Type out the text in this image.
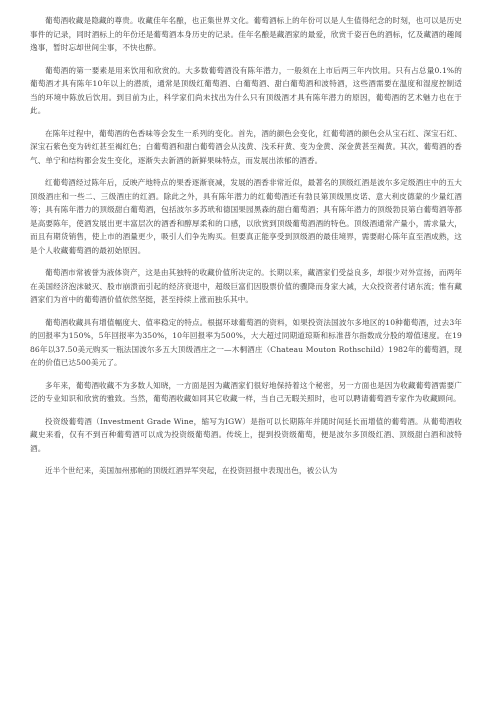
葡萄酒收藏是隐藏的尊贵。收藏佳年名酿，也正集世界文化。葡萄酒标上的年份可以是人生值得纪念的时刻，也可以是历史事件的记录，同时酒标上的年份还是葡萄酒本身历史的记录。佳年名酿是藏酒家的最爱，欣赏千姿百色的酒标，忆及藏酒的趣闻逸事，暂时忘却世间尘事，不快也醉。

葡萄酒的第一要素是用来饮用和欣赏的。大多数葡萄酒没有陈年潜力，一般须在上市后两三年内饮用。只有占总量0.1%的葡萄酒才具有陈年10年以上的潜质，通常是顶级红葡萄酒、白葡萄酒、甜白葡萄酒和波特酒，这些酒需要在温度和湿度控制适当的环境中陈放后饮用。到目前为止，科学家们尚未找出为什么只有顶级酒才具有陈年潜力的原因，葡萄酒的艺术魅力也在于此。

在陈年过程中，葡萄酒的色香味等会发生一系列的变化。首先，酒的颜色会变化，红葡萄酒的颜色会从宝石红、深宝石红、深宝石紫色变为砖红甚至褐红色；白葡萄酒和甜白葡萄酒会从浅黄、浅禾秆黄、变为金黄、深金黄甚至褐黄。其次，葡萄酒的香气、单宁和结构都会发生变化，逐渐失去新酒的新鲜果味特点，而发展出浓郁的酒香。

红葡萄酒经过陈年后，反映产地特点的果香逐渐衰减，发展的酒香非常近似，最著名的顶级红酒是波尔多定级酒庄中的五大顶级酒庄和一些二、三级酒庄的红酒。除此之外，具有陈年潜力的红葡萄酒还有勃艮第顶级黑皮诺、意大利皮德蒙的少量红酒等；具有陈年潜力的顶级甜白葡萄酒，包括波尔多苏玳和德国果园黑森的甜白葡萄酒；具有陈年潜力的顶级勃艮第白葡萄酒等都是高要陈年，使酒发展出更丰富层次的酒香和醇厚柔和的口感，以欣赏到顶级葡萄酒酒的特色。顶级酒通常产量小，需求量大，而且有期货销售，使上市的酒量更少，吸引人们争先购买。但要真正能享受到顶级酒的最佳境界，需要耐心陈年直至酒成熟，这是个人收藏葡萄酒的最初始原因。

葡萄酒市常被誉为液体资产，这是由其独特的收藏价值所决定的。长期以来，藏酒家们受益良多，却很少对外宣扬，而两年在美国经济泡沫破灭、股市崩溃而引起的经济衰退中，超级巨富们因股票价值的骤降而身家大减，大众投资者付诸东流；惟有藏酒家们为首中的葡萄酒价值依然坚挺，甚至持续上涨而独乐其中。

葡萄酒收藏具有增值幅度大、值率稳定的特点。根据环球葡萄酒的资料，如果投资法国波尔多地区的10种葡萄酒，过去3年的回报率为150%，5年回报率为350%，10年回报率为500%，大大超过同期道琼斯和标准普尔指数成分股的增值速度。在1986年以37.50美元购买一瓶法国波尔多五大顶级酒庄之一—木桐酒庄（Chateau Mouton Rothschild）1982年的葡萄酒，现在的价值已达500美元了。

多年来，葡萄酒收藏不为多数人知晓，一方面是因为藏酒家们很好地保持着这个秘密，另一方面也是因为收藏葡萄酒需要广泛的专业知识和欣赏的雅致。当然，葡萄酒收藏如同其它收藏一样，当自己无暇关照时，也可以聘请葡萄酒专家作为收藏顾问。

投资级葡萄酒（Investment Grade Wine，缩写为IGW）是指可以长期陈年并随时间延长而增值的葡萄酒。从葡萄酒收藏史来看，仅有不到百种葡萄酒可以成为投资级葡萄酒。传统上，提到投资级葡萄，便是波尔多顶级红酒、顶级甜白酒和波特酒。

近半个世纪来，美国加州那帕的顶级红酒异军突起，在投资回报中表现出色，被公认为
